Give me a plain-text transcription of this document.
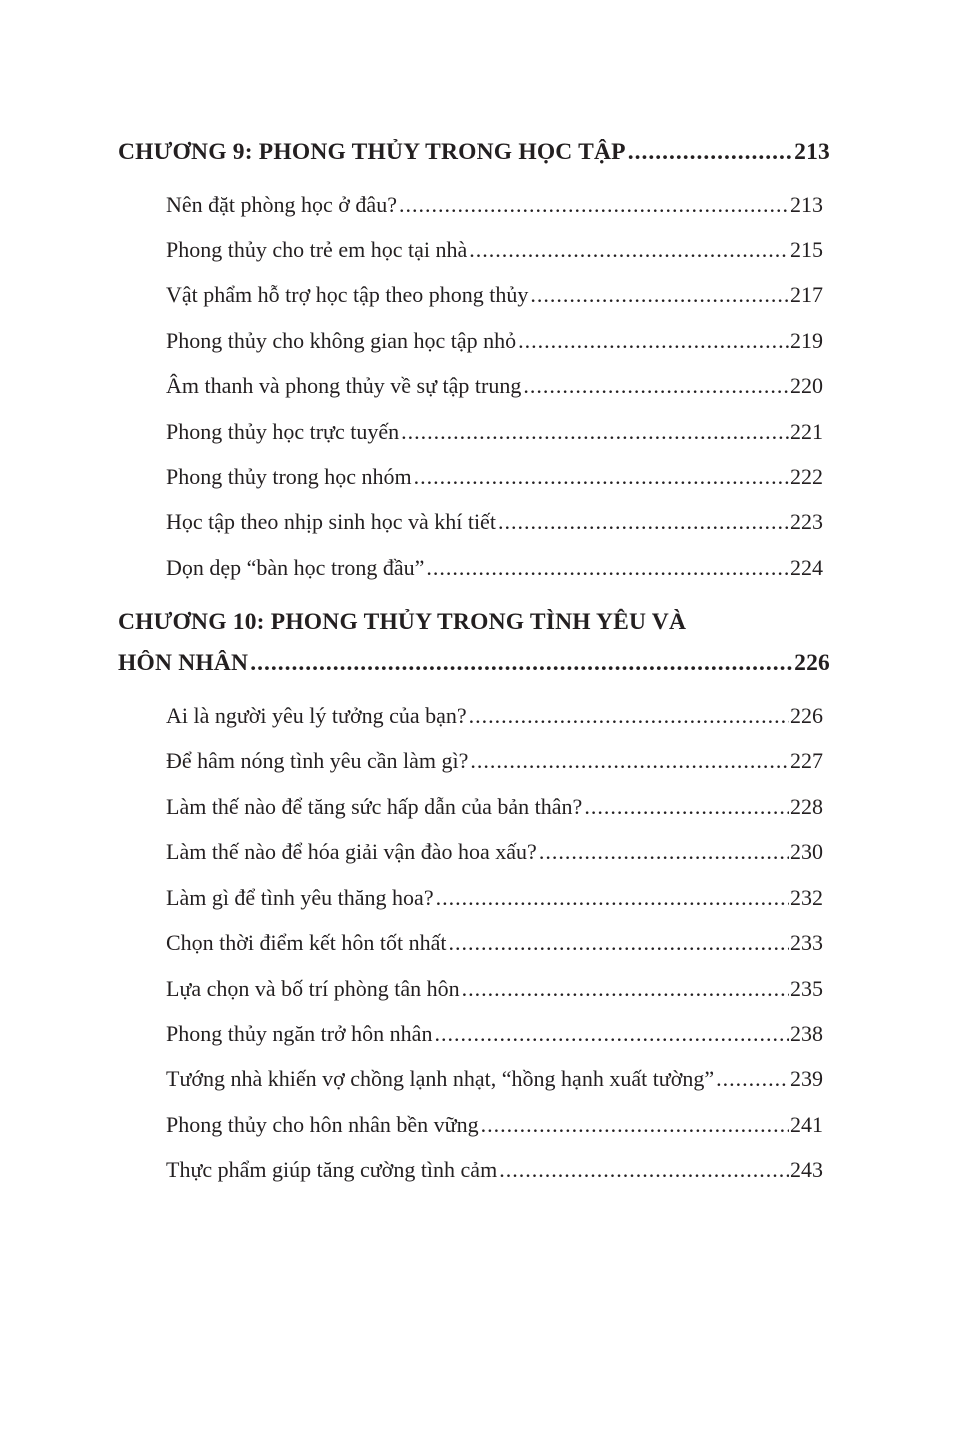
CHƯƠNG 9: PHONG THỦY TRONG HỌC TẬP .....	213
Nên đặt phòng học ở đâu? .....	213
Phong thủy cho trẻ em học tại nhà .....	215
Vật phẩm hỗ trợ học tập theo phong thủy .....	217
Phong thủy cho không gian học tập nhỏ .....	219
Âm thanh và phong thủy về sự tập trung .....	220
Phong thủy học trực tuyến .....	221
Phong thủy trong học nhóm .....	222
Học tập theo nhịp sinh học và khí tiết .....	223
Dọn dẹp “bàn học trong đầu” .....	224
CHƯƠNG 10: PHONG THỦY TRONG TÌNH YÊU VÀ
HÔN NHÂN .....	226
Ai là người yêu lý tưởng của bạn? .....	226
Để hâm nóng tình yêu cần làm gì? .....	227
Làm thế nào để tăng sức hấp dẫn của bản thân? .....	228
Làm thế nào để hóa giải vận đào hoa xấu? .....	230
Làm gì để tình yêu thăng hoa? .....	232
Chọn thời điểm kết hôn tốt nhất .....	233
Lựa chọn và bố trí phòng tân hôn .....	235
Phong thủy ngăn trở hôn nhân .....	238
Tướng nhà khiến vợ chồng lạnh nhạt, “hồng hạnh xuất tường” .....	239
Phong thủy cho hôn nhân bền vững .....	241
Thực phẩm giúp tăng cường tình cảm .....	243
